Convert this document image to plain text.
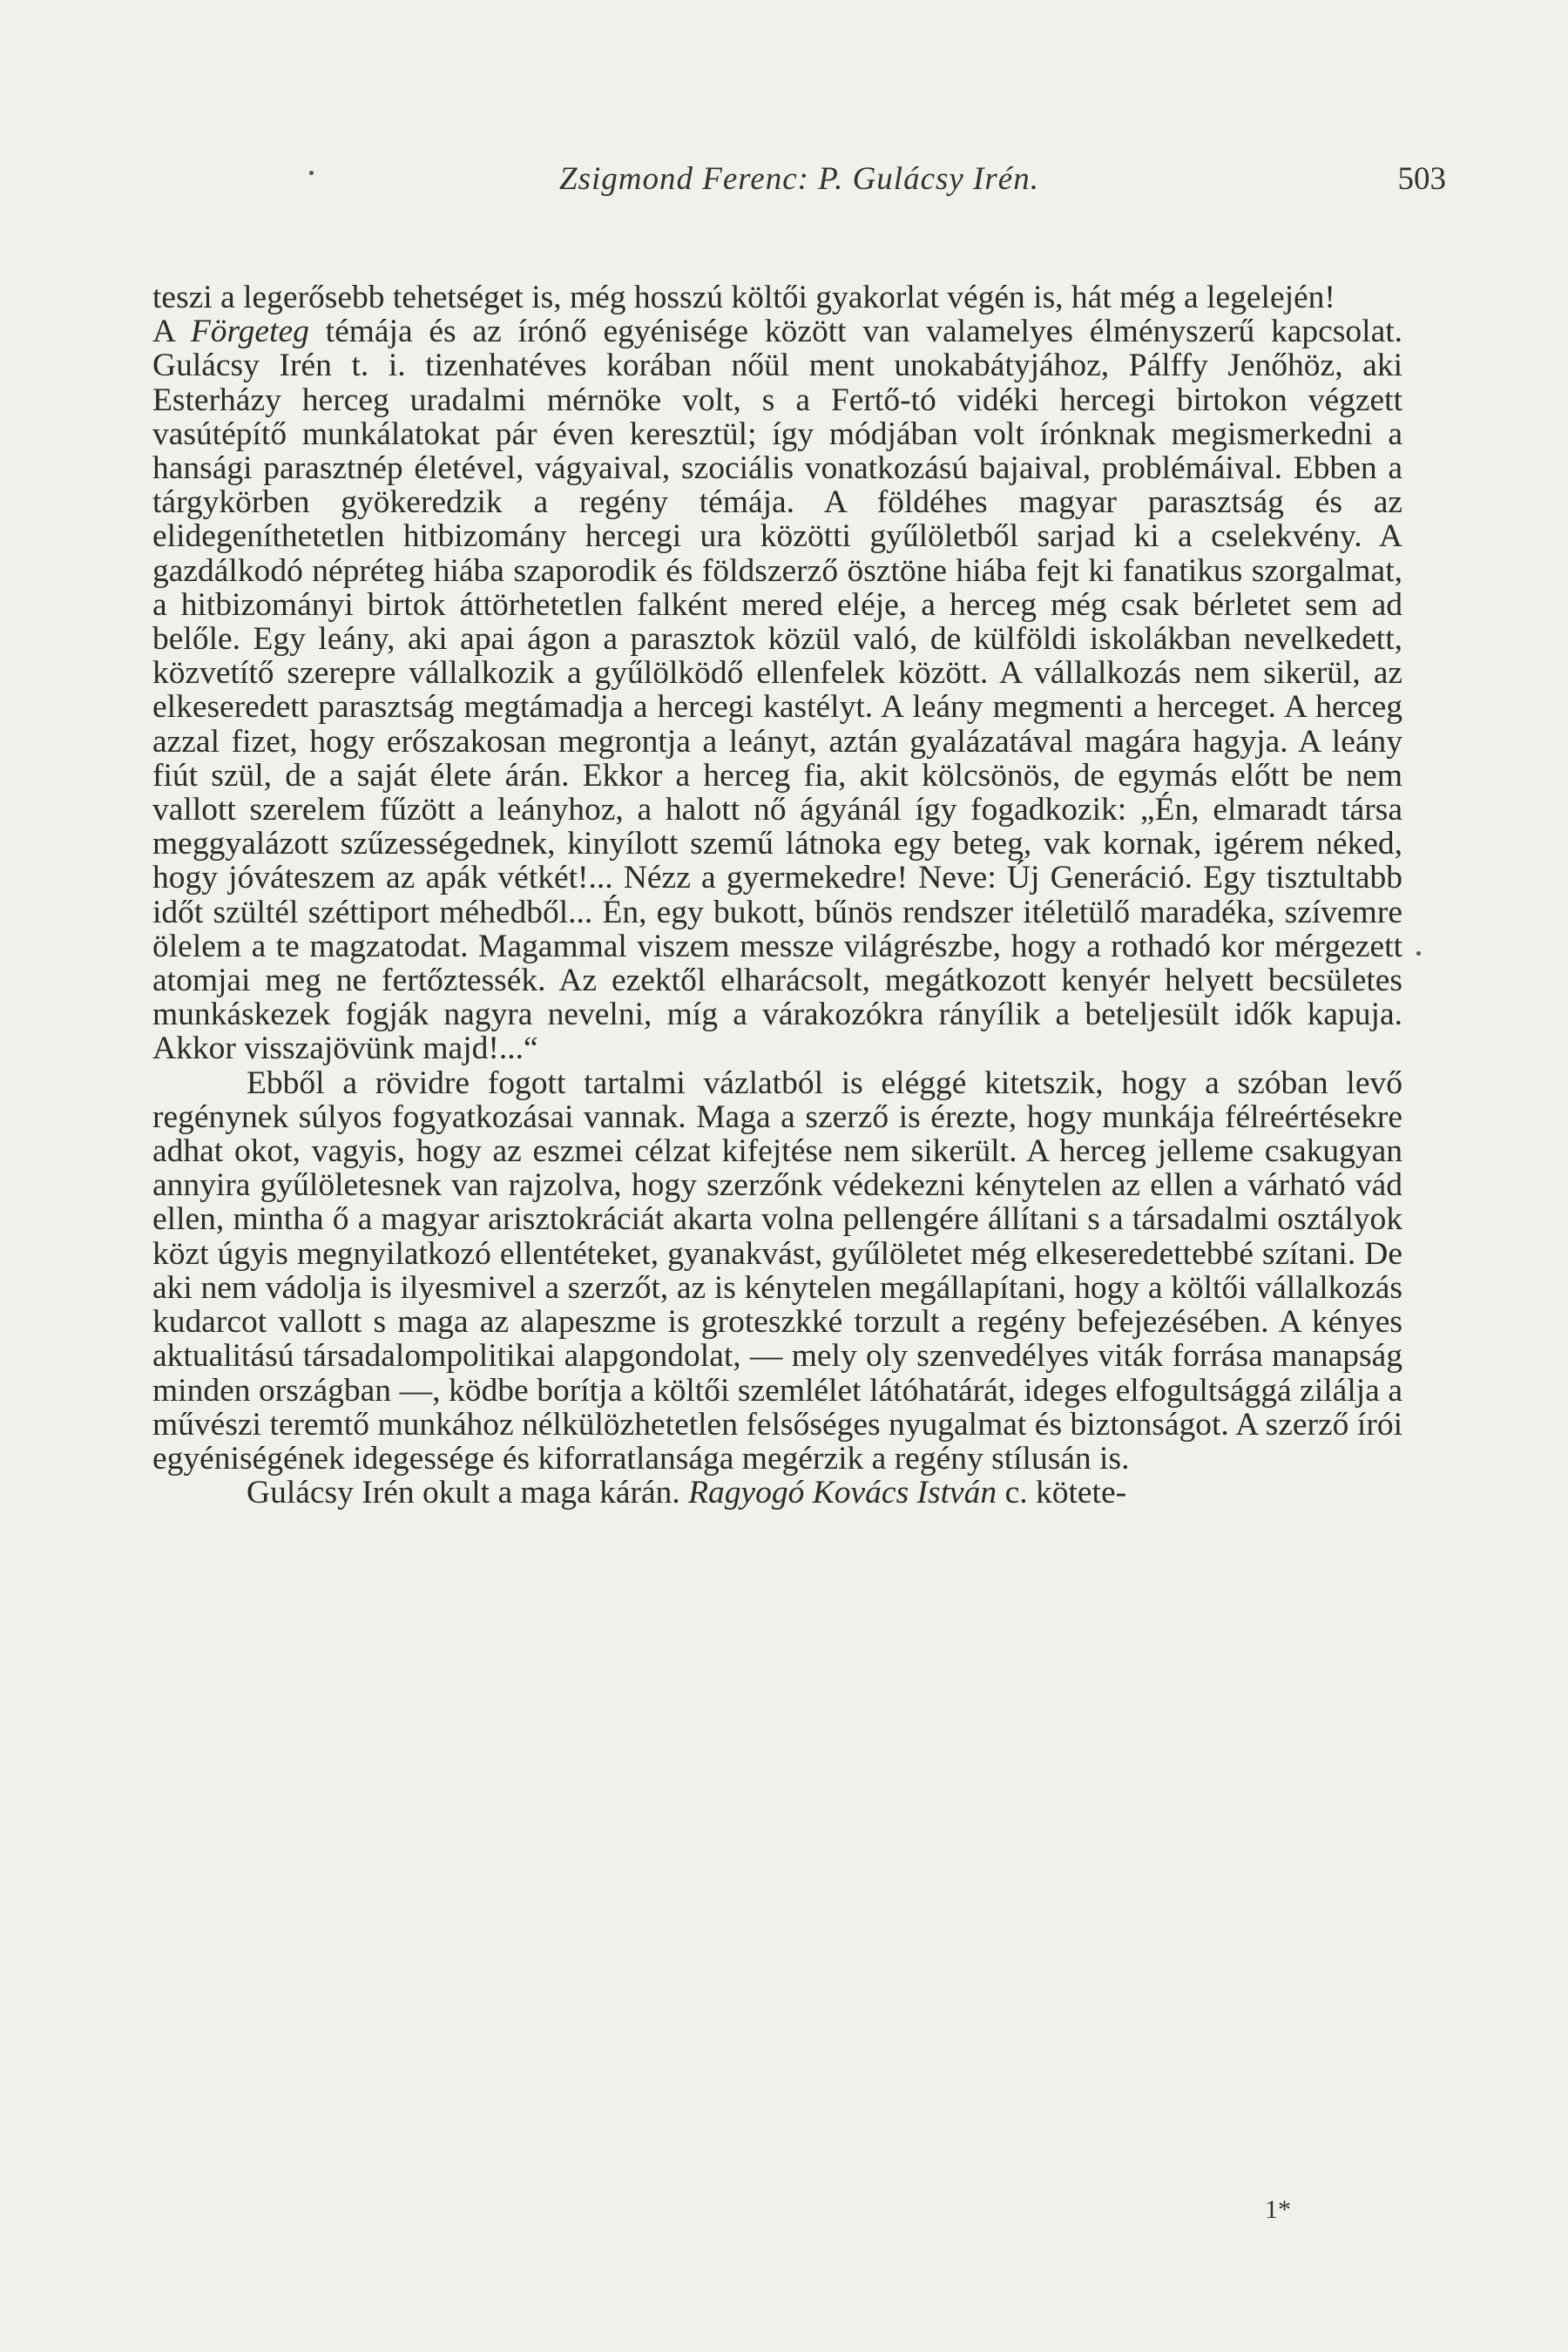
Zsigmond Ferenc: P. Gulácsy Irén.	503

teszi a legerősebb tehetséget is, még hosszú költői gyakorlat végén is, hát még a legelején!

A Förgeteg témája és az írónő egyénisége között van valamelyes élményszerű kapcsolat. Gulácsy Irén t. i. tizenhatéves korában nőül ment unokabátyjához, Pálffy Jenőhöz, aki Esterházy herceg uradalmi mérnöke volt, s a Fertő-tó vidéki hercegi birtokon végzett vasútépítő munkálatokat pár éven keresztül; így módjában volt írónknak megismerkedni a hansági parasztnép életével, vágyaival, szociális vonatkozású bajaival, problémáival. Ebben a tárgykörben gyökeredzik a regény témája. A földéhes magyar parasztság és az elidegeníthetetlen hitbizomány hercegi ura közötti gyűlöletből sarjad ki a cselekvény. A gazdálkodó népréteg hiába szaporodik és földszerző ösztöne hiába fejt ki fanatikus szorgalmat, a hitbizományi birtok áttörhetetlen falként mered eléje, a herceg még csak bérletet sem ad belőle. Egy leány, aki apai ágon a parasztok közül való, de külföldi iskolákban nevelkedett, közvetítő szerepre vállalkozik a gyűlölködő ellenfelek között. A vállalkozás nem sikerül, az elkeseredett parasztság megtámadja a hercegi kastélyt. A leány megmenti a herceget. A herceg azzal fizet, hogy erőszakosan megrontja a leányt, aztán gyalázatával magára hagyja. A leány fiút szül, de a saját élete árán. Ekkor a herceg fia, akit kölcsönös, de egymás előtt be nem vallott szerelem fűzött a leányhoz, a halott nő ágyánál így fogadkozik: „Én, elmaradt társa meggyalázott szűzességednek, kinyílott szemű látnoka egy beteg, vak kornak, igérem néked, hogy jóváteszem az apák vétkét!... Nézz a gyermekedre! Neve: Új Generáció. Egy tisztultabb időt szültél széttiport méhedből... Én, egy bukott, bűnös rendszer itéletülő maradéka, szívemre ölelem a te magzatodat. Magammal viszem messze világrészbe, hogy a rothadó kor mérgezett atomjai meg ne fertőztessék. Az ezektől elharácsolt, megátkozott kenyér helyett becsületes munkáskezek fogják nagyra nevelni, míg a várakozókra rányílik a beteljesült idők kapuja. Akkor visszajövünk majd!...“

Ebből a rövidre fogott tartalmi vázlatból is eléggé kitetszik, hogy a szóban levő regénynek súlyos fogyatkozásai vannak. Maga a szerző is érezte, hogy munkája félreértésekre adhat okot, vagyis, hogy az eszmei célzat kifejtése nem sikerült. A herceg jelleme csakugyan annyira gyűlöletesnek van rajzolva, hogy szerzőnk védekezni kénytelen az ellen a várható vád ellen, mintha ő a magyar arisztokráciát akarta volna pellengére állítani s a társadalmi osztályok közt úgyis megnyilatkozó ellentéteket, gyanakvást, gyűlöletet még elkeseredettebbé szítani. De aki nem vádolja is ilyesmivel a szerzőt, az is kénytelen megállapítani, hogy a költői vállalkozás kudarcot vallott s maga az alapeszme is groteszkké torzult a regény befejezésében. A kényes aktualitású társadalompolitikai alapgondolat, — mely oly szenvedélyes viták forrása manapság minden országban —, ködbe borítja a költői szemlélet látóhatárát, ideges elfogultsággá zilálja a művészi teremtő munkához nélkülözhetetlen felsőséges nyugalmat és biztonságot. A szerző írói egyéniségének idegessége és kiforratlansága megérzik a regény stílusán is.

Gulácsy Irén okult a maga kárán. Ragyogó Kovács István c. kötete-

1*
